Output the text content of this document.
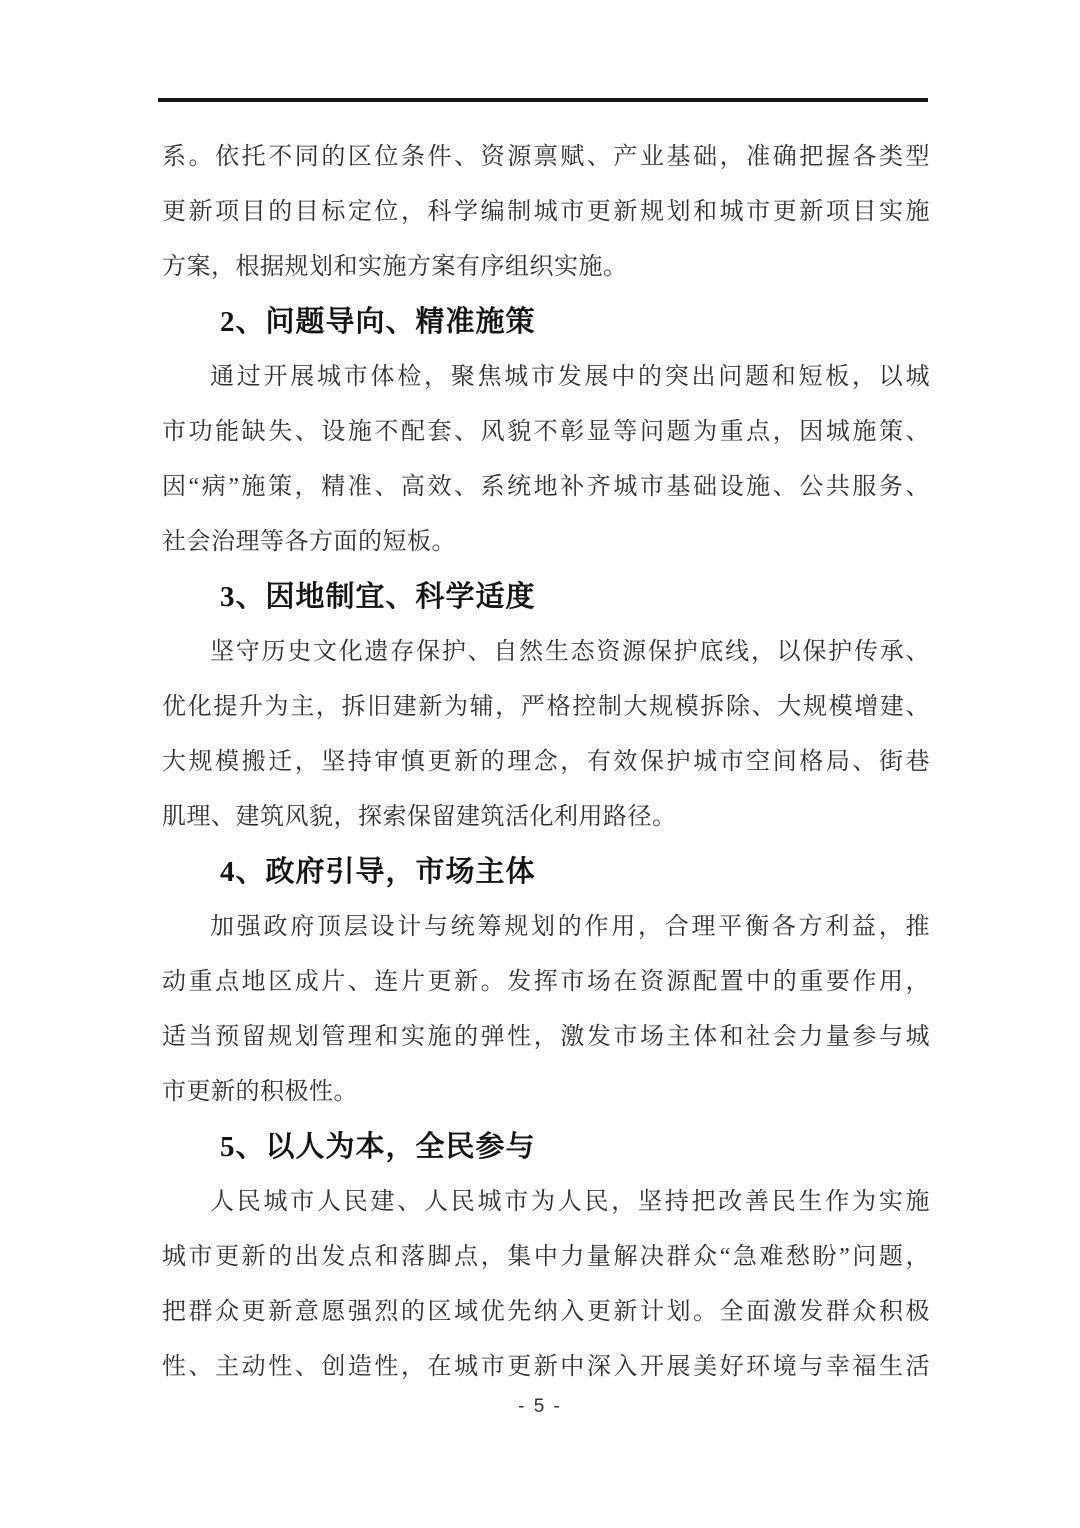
系。依托不同的区位条件、资源禀赋、产业基础，准确把握各类型
更新项目的目标定位，科学编制城市更新规划和城市更新项目实施
方案，根据规划和实施方案有序组织实施。
2、问题导向、精准施策
通过开展城市体检，聚焦城市发展中的突出问题和短板，以城
市功能缺失、设施不配套、风貌不彰显等问题为重点，因城施策、
因“病”施策，精准、高效、系统地补齐城市基础设施、公共服务、
社会治理等各方面的短板。
3、因地制宜、科学适度
坚守历史文化遗存保护、自然生态资源保护底线，以保护传承、
优化提升为主，拆旧建新为辅，严格控制大规模拆除、大规模增建、
大规模搬迁，坚持审慎更新的理念，有效保护城市空间格局、街巷
肌理、建筑风貌，探索保留建筑活化利用路径。
4、政府引导，市场主体
加强政府顶层设计与统筹规划的作用，合理平衡各方利益，推
动重点地区成片、连片更新。发挥市场在资源配置中的重要作用，
适当预留规划管理和实施的弹性，激发市场主体和社会力量参与城
市更新的积极性。
5、以人为本，全民参与
人民城市人民建、人民城市为人民，坚持把改善民生作为实施
城市更新的出发点和落脚点，集中力量解决群众“急难愁盼”问题，
把群众更新意愿强烈的区域优先纳入更新计划。全面激发群众积极
性、主动性、创造性，在城市更新中深入开展美好环境与幸福生活
- 5 -
